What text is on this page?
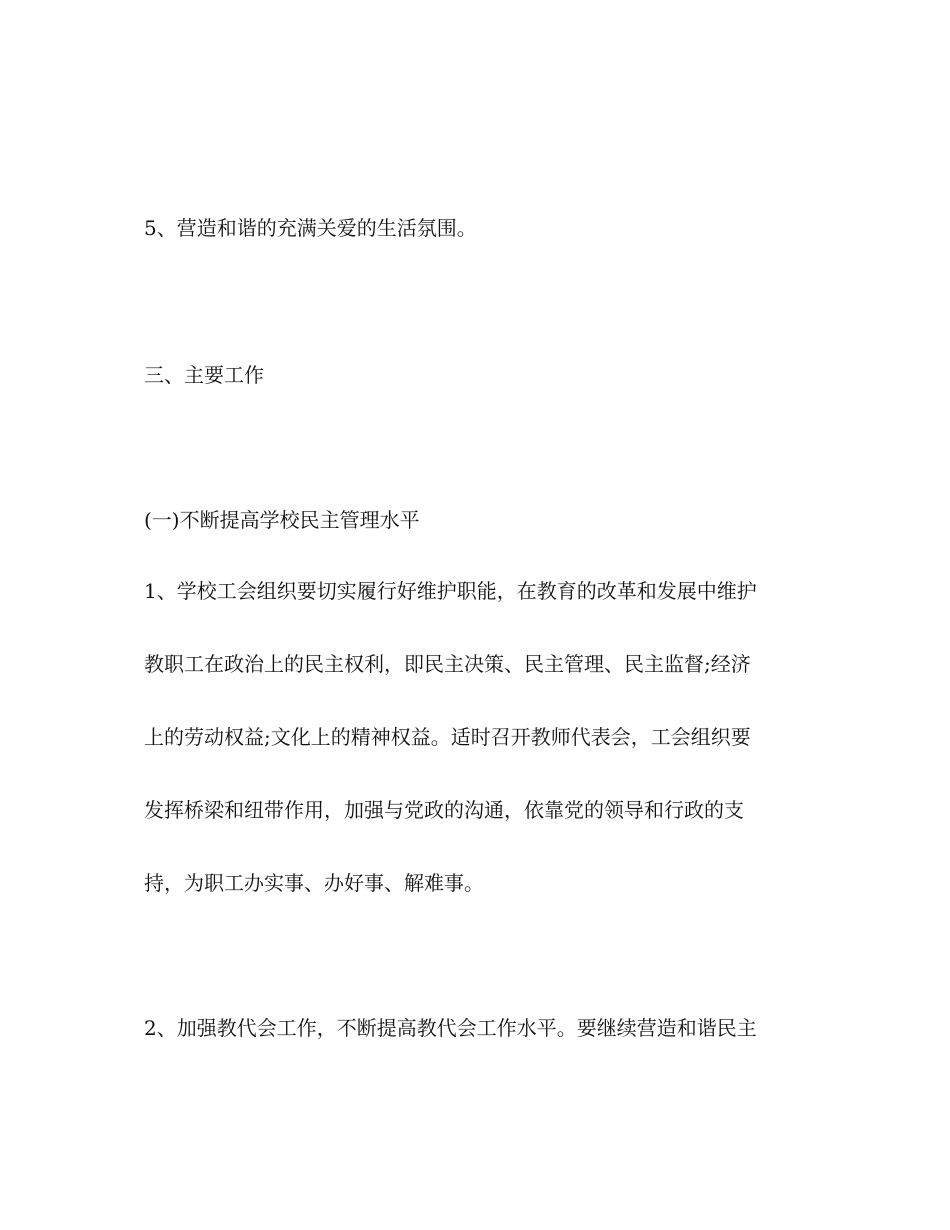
5、营造和谐的充满关爱的生活氛围。

三、主要工作

(一)不断提高学校民主管理水平

1、学校工会组织要切实履行好维护职能，在教育的改革和发展中维护

教职工在政治上的民主权利，即民主决策、民主管理、民主监督;经济

上的劳动权益;文化上的精神权益。适时召开教师代表会，工会组织要

发挥桥梁和纽带作用，加强与党政的沟通，依靠党的领导和行政的支

持，为职工办实事、办好事、解难事。

2、加强教代会工作，不断提高教代会工作水平。要继续营造和谐民主
